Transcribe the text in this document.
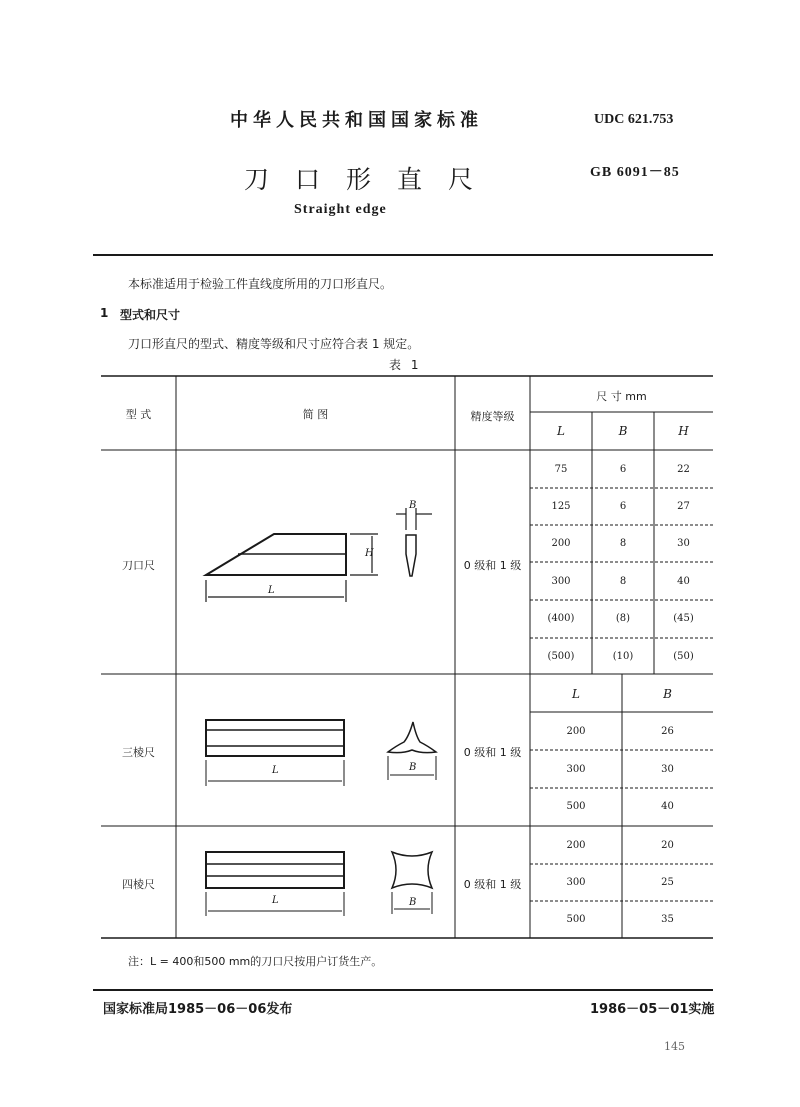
中华人民共和国国家标准	UDC 621.753
刀口形直尺	GB 6091－85
Straight edge
本标准适用于检验工件直线度所用的刀口形直尺。
1 型式和尺寸
刀口形直尺的型式、精度等级和尺寸应符合表 1 规定。
表 1
型 式	简 图	精度等级
尺 寸 mm
L	B	H
刀口尺	0 级和 1 级
75	6	22
125	6	27
200	8	30
300	8	40
(400)	(8)	(45)
(500)	(10)	(50)
L
H
B
L	B
三棱尺	0 级和 1 级
200	26
300	30
500	40
L	B
四棱尺	0 级和 1 级
200	20
300	25
500	35
L	B
注：L = 400和500 mm的刀口尺按用户订货生产。
国家标准局1985－06－06发布	1986－05－01实施
145
